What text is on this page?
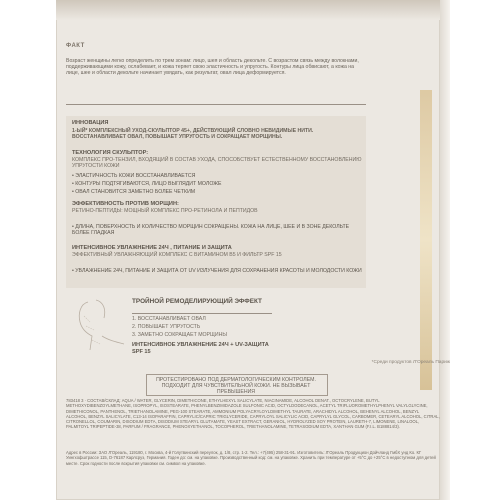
ФАКТ
Возраст женщины легко определить по трем зонам: лицо, шея и область декольте. С возрастом связь между волокнами, поддерживающими кожу, ослабевает, и кожа теряет свою эластичность и упругость. Контуры лица обвисают, а кожа на лице, шее и области декольте начинает увядать, как результат, овал лица деформируется.
ИННОВАЦИЯ
1-ЫЙ* КОМПЛЕКСНЫЙ УХОД-СКУЛЬПТОР 45+, ДЕЙСТВУЮЩИЙ СЛОВНО НЕВИДИМЫЕ НИТИ. ВОССТАНАВЛИВАЕТ ОВАЛ, ПОВЫШАЕТ УПРУГОСТЬ И СОКРАЩАЕТ МОРЩИНЫ.
ТЕХНОЛОГИЯ СКУЛЬПТОР:
КОМПЛЕКС ПРО-ТЕНЗИЛ, ВХОДЯЩИЙ В СОСТАВ УХОДА, СПОСОБСТВУЕТ ЕСТЕСТВЕННОМУ ВОССТАНОВЛЕНИЮ УПРУГОСТИ КОЖИ
• ЭЛАСТИЧНОСТЬ КОЖИ ВОССТАНАВЛИВАЕТСЯ
• КОНТУРЫ ПОДТЯГИВАЮТСЯ, ЛИЦО ВЫГЛЯДИТ МОЛОЖЕ
• ОВАЛ СТАНОВИТСЯ ЗАМЕТНО БОЛЕЕ ЧЕТКИМ
ЭФФЕКТИВНОСТЬ ПРОТИВ МОРЩИН:
РЕТИНО-ПЕПТИДЫ: МОЩНЫЙ КОМПЛЕКС ПРО-РЕТИНОЛА И ПЕПТИДОВ
• ДЛИНА, ПОВЕРХНОСТЬ И КОЛИЧЕСТВО МОРЩИН СОКРАЩЕНЫ. КОЖА НА ЛИЦЕ, ШЕЕ И В ЗОНЕ ДЕКОЛЬТЕ БОЛЕЕ ГЛАДКАЯ
ИНТЕНСИВНОЕ УВЛАЖНЕНИЕ 24Ч , ПИТАНИЕ И ЗАЩИТА
ЭФФЕКТИВНЫЙ УВЛАЖНЯЮЩИЙ КОМПЛЕКС С ВИТАМИНОМ B5 И ФИЛЬТР SPF 15
• УВЛАЖНЕНИЕ 24Ч, ПИТАНИЕ И ЗАЩИТА ОТ UV ИЗЛУЧЕНИЯ ДЛЯ СОХРАНЕНИЯ КРАСОТЫ И МОЛОДОСТИ КОЖИ
ТРОЙНОЙ РЕМОДЕЛИРУЮЩИЙ ЭФФЕКТ
1. ВОССТАНАВЛИВАЕТ ОВАЛ
2. ПОВЫШАЕТ УПРУГОСТЬ
3. ЗАМЕТНО СОКРАЩАЕТ МОРЩИНЫ
ИНТЕНСИВНОЕ УВЛАЖНЕНИЕ 24Ч + UV-ЗАЩИТА SPF 15
*Среди продуктов Л'Ореаль Париж
ПРОТЕСТИРОВАНО ПОД ДЕРМАТОЛОГИЧЕСКИМ КОНТРОЛЕМ. ПОДХОДИТ ДЛЯ ЧУВСТВИТЕЛЬНОЙ КОЖИ. НЕ ВЫЗЫВАЕТ ПРЕВЫШЕНИЯ
783418 3 · СОСТАВ/СКЛАД: AQUA / WATER, GLYCERIN, DIMETHICONE, ETHYLHEXYL SALICYLATE, NIACINAMIDE, ALCOHOL DENAT., OCTOCRYLENE, BUTYL METHOXYDIBENZOYLMETHANE, ISOPROPYL, ISOSTEARATE, PHENYLBENZIMIDAZOLE SULFONIC ACID, OCTYLDODECANOL, ACETYL TRIFLUOROMETHYLPHENYL VALYLGLYCINE, DIMETHICONOL, PANTHENOL, TRIETHANOLAMINE, PEG-100 STEARATE, AMMONIUM POLYACRYLOYLDIMETHYL TAURATE, ARACHIDYL ALCOHOL, BEHENYL ALCOHOL, BENZYL ALCOHOL, BENZYL SALICYLATE, C13-14 ISOPARAFFIN, CAPRYLIC/CAPRIC TRIGLYCERIDE, CAPRYLOYL SALICYLIC ACID, CAPRYLYL GLYCOL, CARBOMER, CETEARYL ALCOHOL, CITRAL, CITRONELLOL, COUMARIN, DISODIUM EDTA, DISODIUM STEARYL GLUTAMATE, YEAST EXTRACT, GERANIOL, HYDROLYZED SOY PROTEIN, LAURETH-7, LIMONENE, LINALOOL, PALMITOYL TRIPEPTIDE-38, PARFUM / FRAGRANCE, PHENOXYETHANOL, TOCOPHEROL, TRIETHANOLAMINE, TETRASODIUM EDTA, XANTHAN GUM (F.I.L. B188814/3).
Адрес в России: ЗАО Л'Ореаль, 119180, г. Москва, 4-й Голутвинский переулок, д. 1/8, стр. 1-2. Тел.: +7(495) 258-31-91. Изготовитель: Л'Ореаль Продукцион Дойчланд ГмбХ унд Ко. КГ Уингхофштрассе 115, D-76187 Карлсруэ, Германия. Годен до: см. на упаковке. Производственный код: см. на упаковке. Хранить при температуре от +5°С до +25°С в недоступном для детей месте. Срок годности после вскрытия упаковки см. символ на упаковке.
